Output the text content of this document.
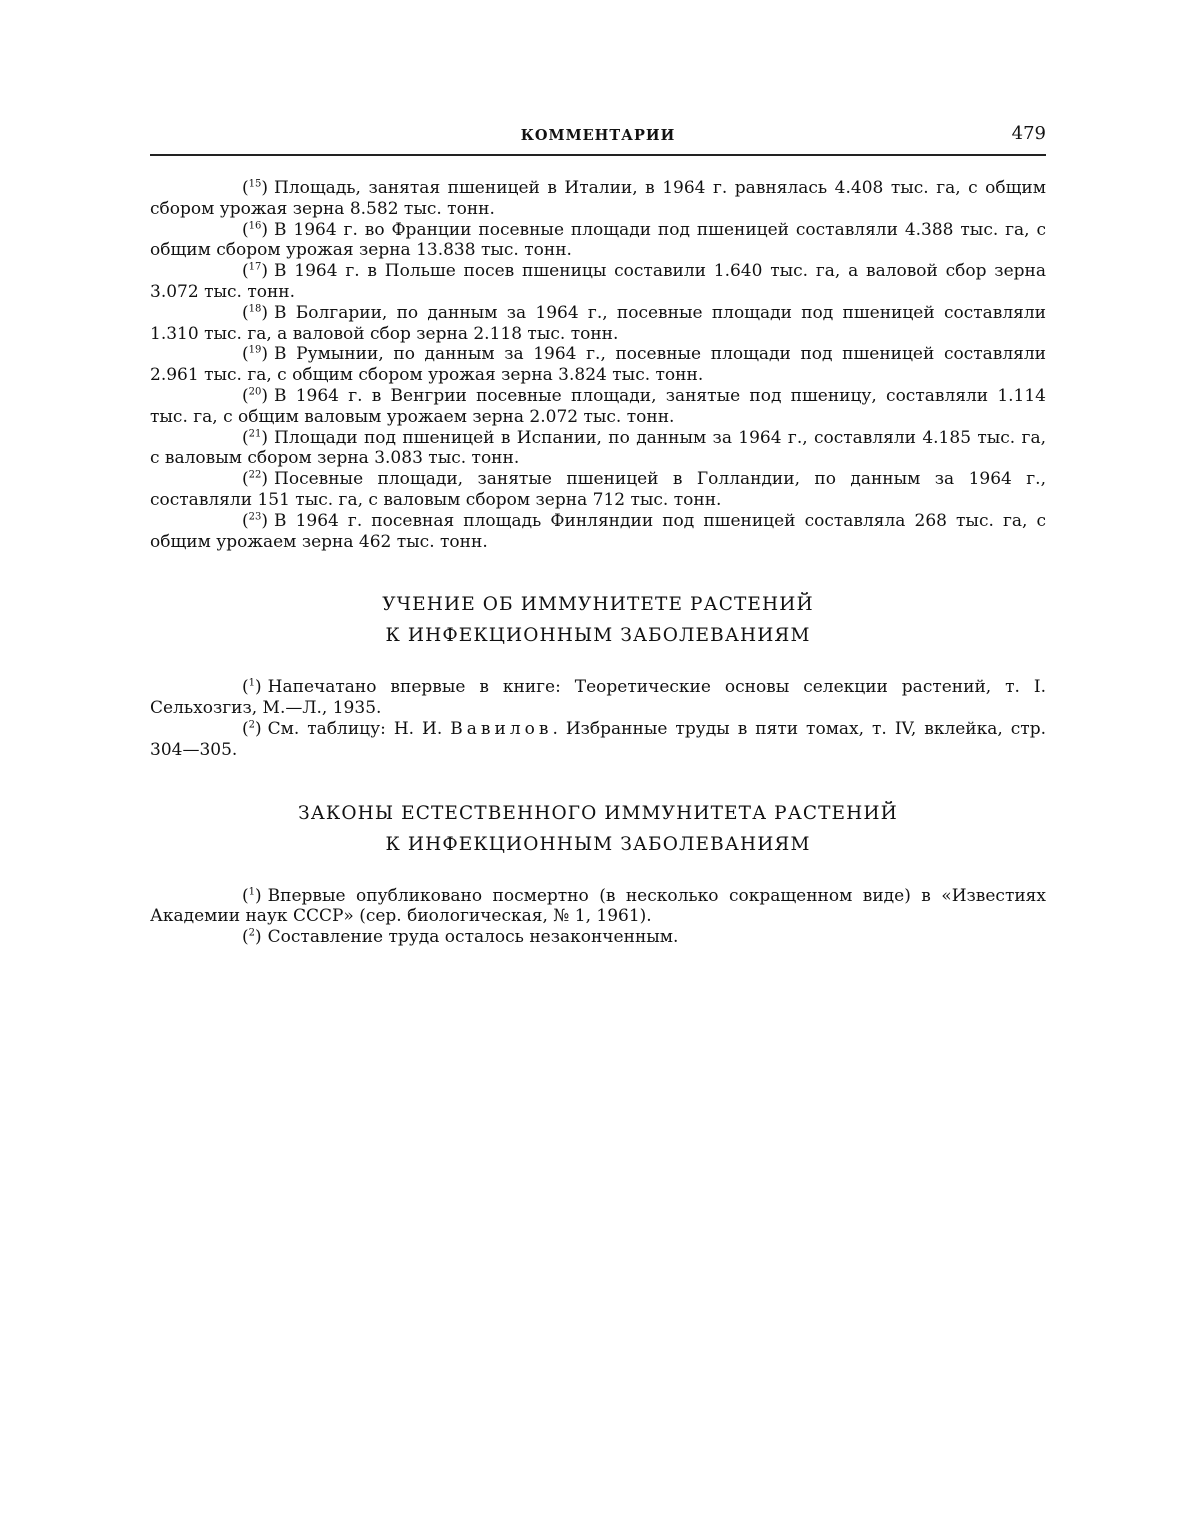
КОММЕНТАРИИ	479

($^{15}$) Площадь, занятая пшеницей в Италии, в 1964 г. равнялась 4.408 тыс. га, с общим сбором урожая зерна 8.582 тыс. тонн.

($^{16}$) В 1964 г. во Франции посевные площади под пшеницей составляли 4.388 тыс. га, с общим сбором урожая зерна 13.838 тыс. тонн.

($^{17}$) В 1964 г. в Польше посев пшеницы составили 1.640 тыс. га, а валовой сбор зерна 3.072 тыс. тонн.

($^{18}$) В Болгарии, по данным за 1964 г., посевные площади под пшеницей составляли 1.310 тыс. га, а валовой сбор зерна 2.118 тыс. тонн.

($^{19}$) В Румынии, по данным за 1964 г., посевные площади под пшеницей составляли 2.961 тыс. га, с общим сбором урожая зерна 3.824 тыс. тонн.

($^{20}$) В 1964 г. в Венгрии посевные площади, занятые под пшеницу, составляли 1.114 тыс. га, с общим валовым урожаем зерна 2.072 тыс. тонн.

($^{21}$) Площади под пшеницей в Испании, по данным за 1964 г., составляли 4.185 тыс. га, с валовым сбором зерна 3.083 тыс. тонн.

($^{22}$) Посевные площади, занятые пшеницей в Голландии, по данным за 1964 г., составляли 151 тыс. га, с валовым сбором зерна 712 тыс. тонн.

($^{23}$) В 1964 г. посевная площадь Финляндии под пшеницей составляла 268 тыс. га, с общим урожаем зерна 462 тыс. тонн.

УЧЕНИЕ ОБ ИММУНИТЕТЕ РАСТЕНИЙ
К ИНФЕКЦИОННЫМ ЗАБОЛЕВАНИЯМ

($^1$) Напечатано впервые в книге: Теоретические основы селекции растений, т. I. Сельхозгиз, М.—Л., 1935.

($^2$) См. таблицу: Н. И. Вавилов. Избранные труды в пяти томах, т. IV, вклейка, стр. 304—305.

ЗАКОНЫ ЕСТЕСТВЕННОГО ИММУНИТЕТА РАСТЕНИЙ
К ИНФЕКЦИОННЫМ ЗАБОЛЕВАНИЯМ

($^1$) Впервые опубликовано посмертно (в несколько сокращенном виде) в «Известиях Академии наук СССР» (сер. биологическая, № 1, 1961).

($^2$) Составление труда осталось незаконченным.
